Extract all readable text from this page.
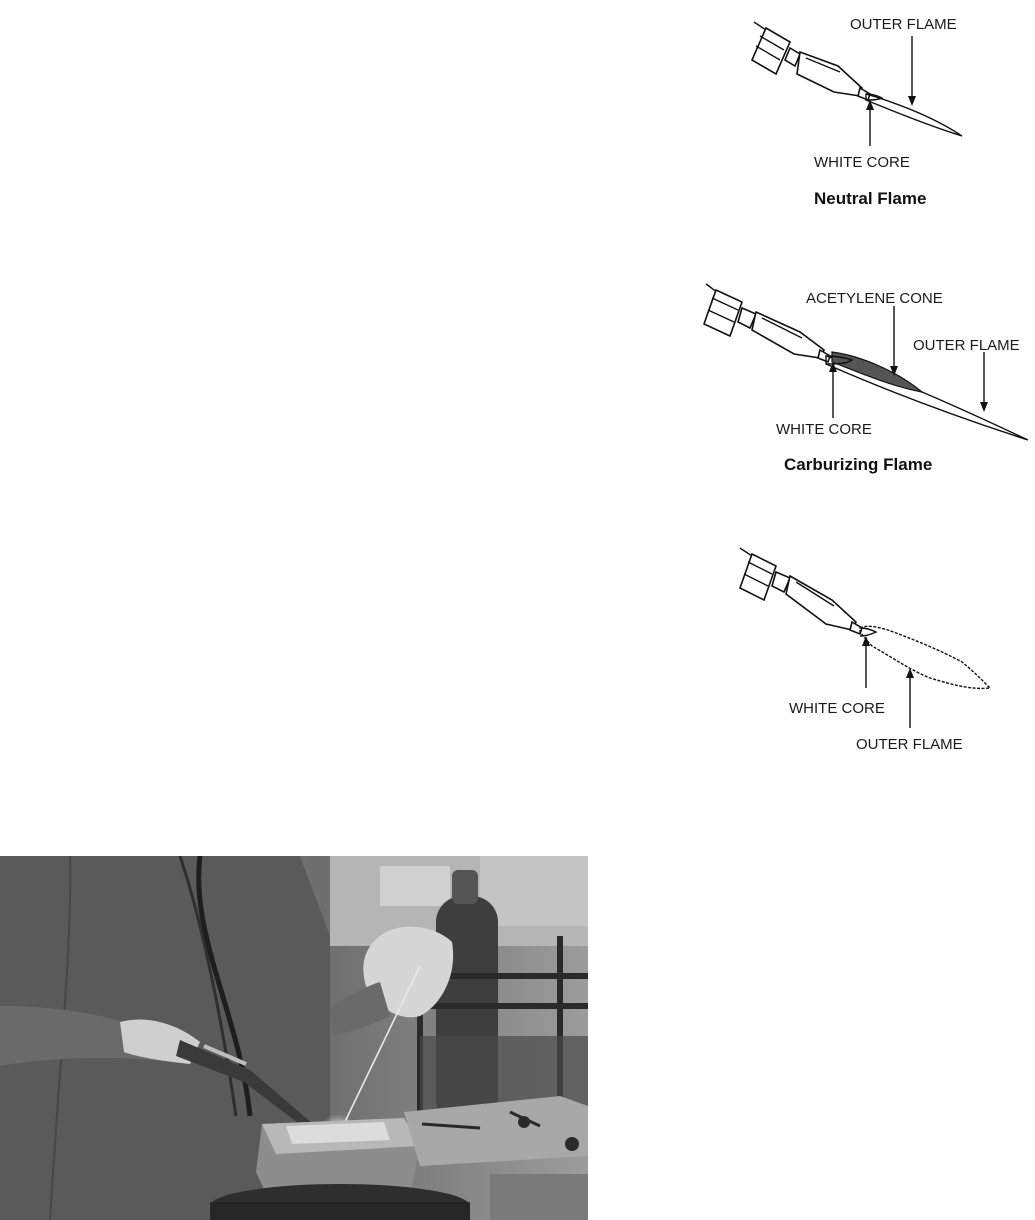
OUTER FLAME
WHITE CORE
Neutral Flame
ACETYLENE CONE
OUTER FLAME
WHITE CORE
Carburizing Flame
WHITE CORE
OUTER FLAME
